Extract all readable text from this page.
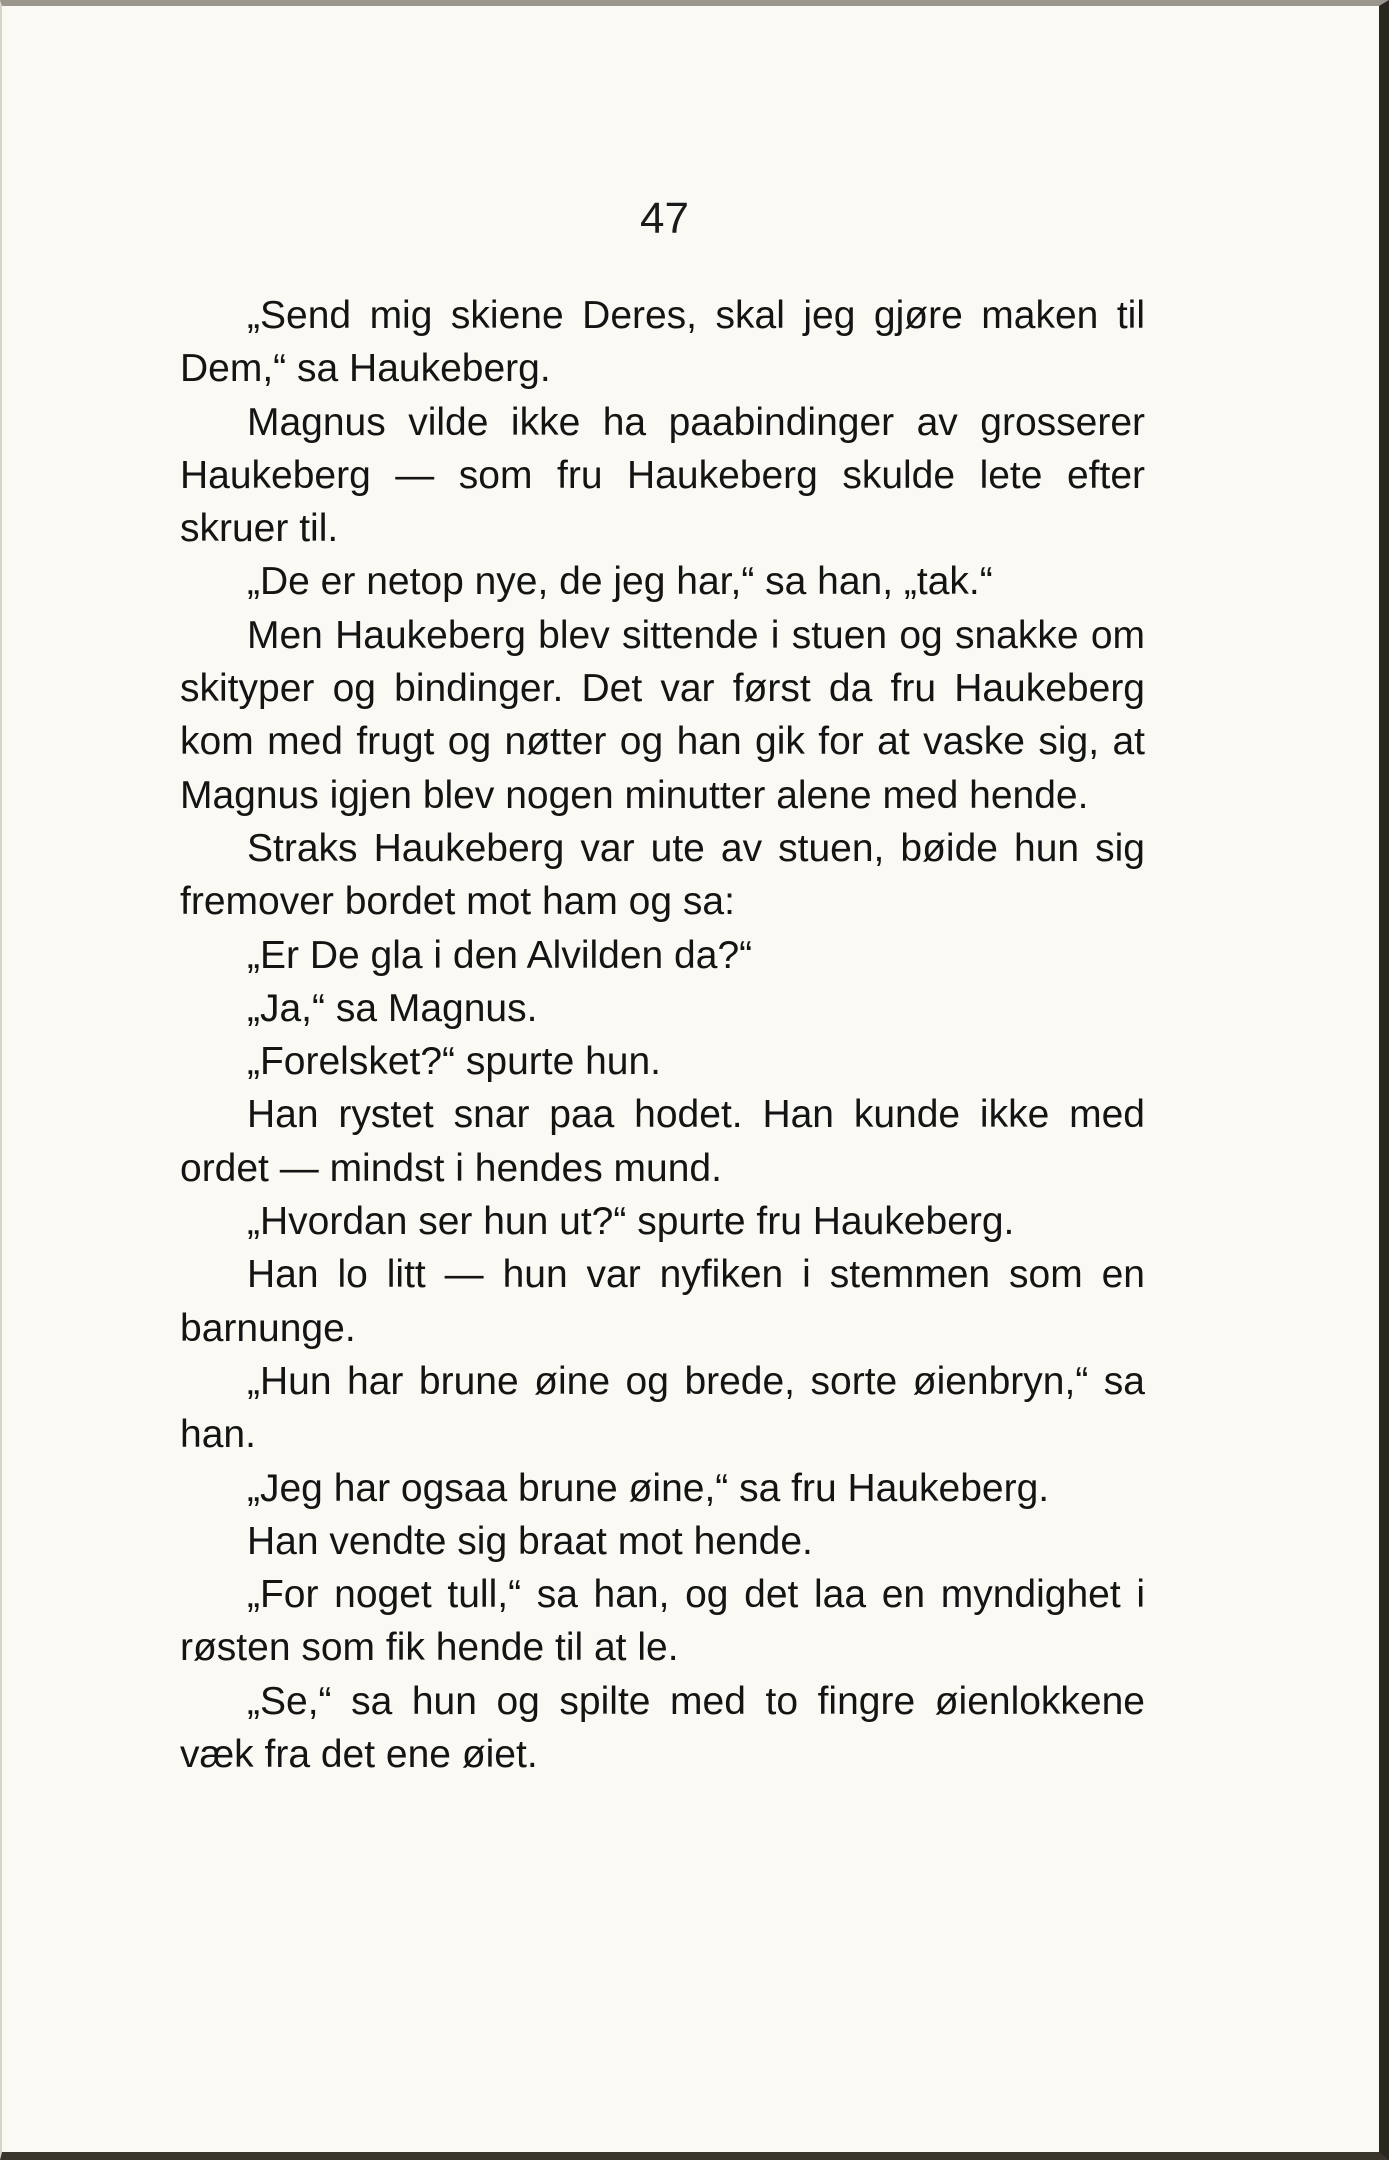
47

„Send mig skiene Deres, skal jeg gjøre maken til Dem,“ sa Haukeberg.

Magnus vilde ikke ha paabindinger av grosserer Haukeberg — som fru Haukeberg skulde lete efter skruer til.

„De er netop nye, de jeg har,“ sa han, „tak.“

Men Haukeberg blev sittende i stuen og snakke om skityper og bindinger. Det var først da fru Haukeberg kom med frugt og nøtter og han gik for at vaske sig, at Magnus igjen blev nogen minutter alene med hende.

Straks Haukeberg var ute av stuen, bøide hun sig fremover bordet mot ham og sa:

„Er De gla i den Alvilden da?“

„Ja,“ sa Magnus.

„Forelsket?“ spurte hun.

Han rystet snar paa hodet. Han kunde ikke med ordet — mindst i hendes mund.

„Hvordan ser hun ut?“ spurte fru Haukeberg.

Han lo litt — hun var nyfiken i stemmen som en barnunge.

„Hun har brune øine og brede, sorte øienbryn,“ sa han.

„Jeg har ogsaa brune øine,“ sa fru Haukeberg.

Han vendte sig braat mot hende.

„For noget tull,“ sa han, og det laa en myndighet i røsten som fik hende til at le.

„Se,“ sa hun og spilte med to fingre øienlokkene væk fra det ene øiet.
